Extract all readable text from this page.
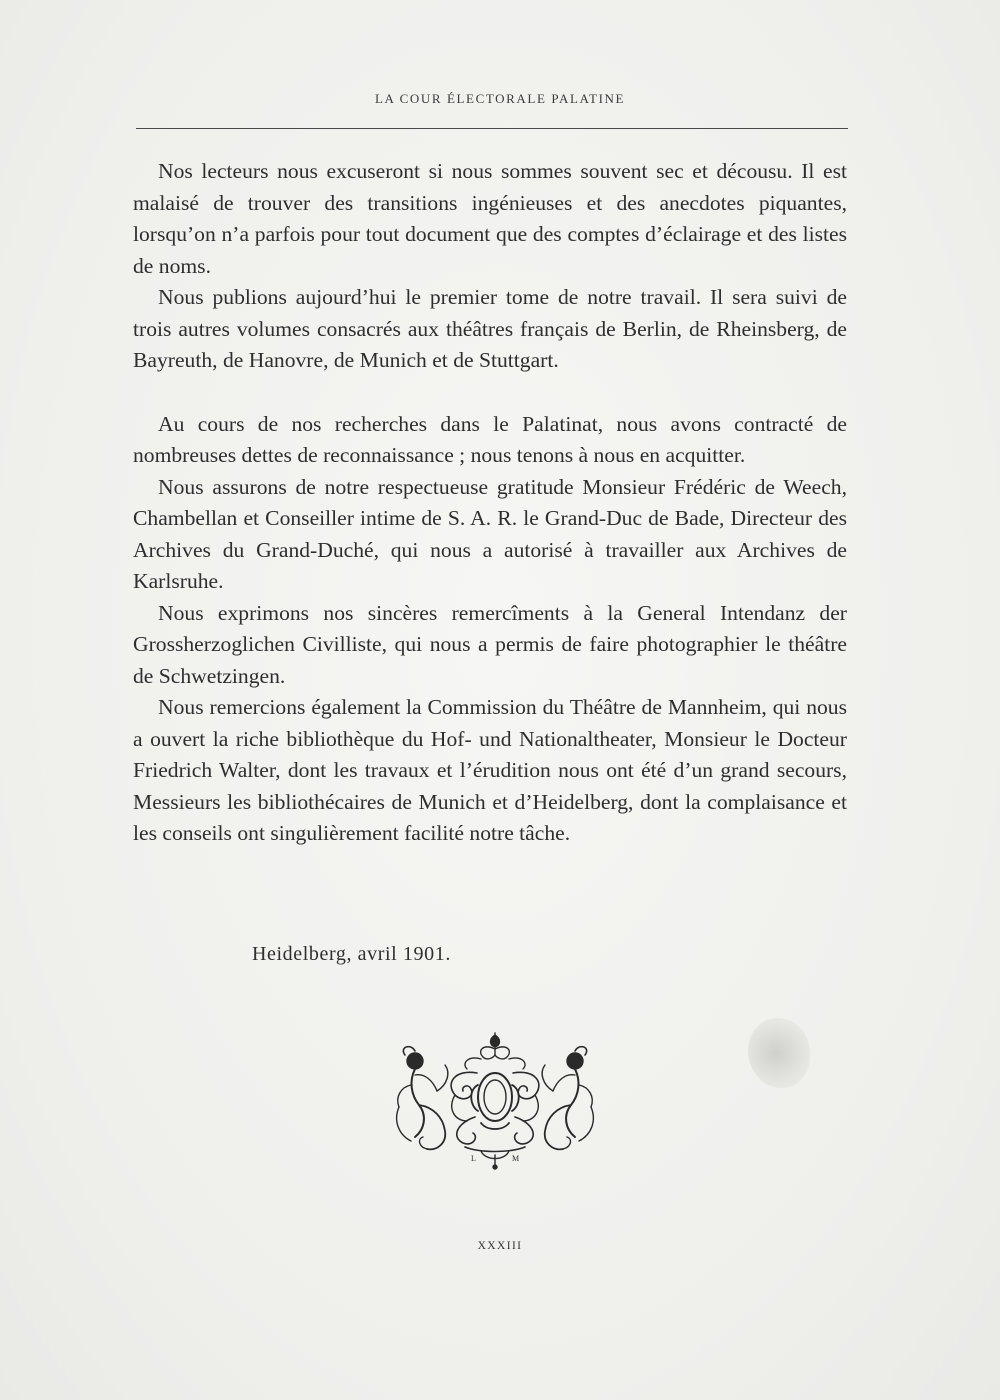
LA COUR ÉLECTORALE PALATINE

Nos lecteurs nous excuseront si nous sommes souvent sec et décousu. Il est malaisé de trouver des transitions ingénieuses et des anecdotes piquantes, lorsqu’on n’a parfois pour tout document que des comptes d’éclairage et des listes de noms.

Nous publions aujourd’hui le premier tome de notre travail. Il sera suivi de trois autres volumes consacrés aux théâtres français de Berlin, de Rheinsberg, de Bayreuth, de Hanovre, de Munich et de Stuttgart.

Au cours de nos recherches dans le Palatinat, nous avons contracté de nombreuses dettes de reconnaissance ; nous tenons à nous en acquitter.

Nous assurons de notre respectueuse gratitude Monsieur Frédéric de Weech, Chambellan et Conseiller intime de S. A. R. le Grand-Duc de Bade, Directeur des Archives du Grand-Duché, qui nous a autorisé à travailler aux Archives de Karlsruhe.

Nous exprimons nos sincères remercîments à la General Intendanz der Grossherzoglichen Civilliste, qui nous a permis de faire photographier le théâtre de Schwetzingen.

Nous remercions également la Commission du Théâtre de Mannheim, qui nous a ouvert la riche bibliothèque du Hof- und Nationaltheater, Monsieur le Docteur Friedrich Walter, dont les travaux et l’érudition nous ont été d’un grand secours, Messieurs les bibliothécaires de Munich et d’Heidelberg, dont la complaisance et les conseils ont singulièrement facilité notre tâche.

Heidelberg, avril 1901.
L	M
XXXIII
